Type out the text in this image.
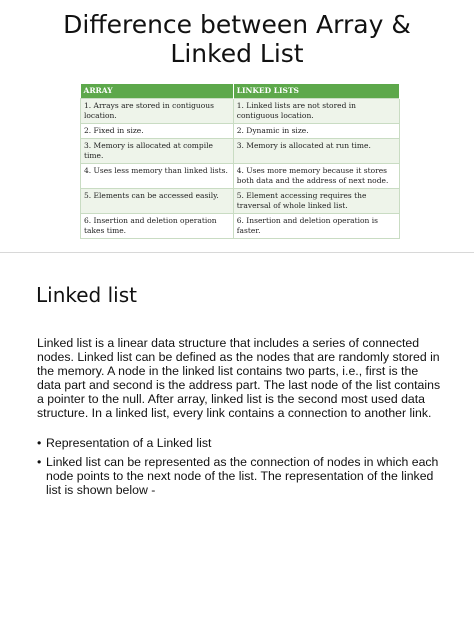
Difference between Array &
Linked List
ARRAY	LINKED LISTS
1. Arrays are stored in contiguous location.	1. Linked lists are not stored in contiguous location.
2. Fixed in size.	2. Dynamic in size.
3. Memory is allocated at compile time.	3. Memory is allocated at run time.
4. Uses less memory than linked lists.	4. Uses more memory because it stores both data and the address of next node.
5. Elements can be accessed easily.	5. Element accessing requires the traversal of whole linked list.
6. Insertion and deletion operation takes time.	6. Insertion and deletion operation is faster.
Linked list

Linked list is a linear data structure that includes a series of connected nodes. Linked list can be defined as the nodes that are randomly stored in the memory. A node in the linked list contains two parts, i.e., first is the data part and second is the address part. The last node of the list contains a pointer to the null. After array, linked list is the second most used data structure. In a linked list, every link contains a connection to another link.

• Representation of a Linked list
• Linked list can be represented as the connection of nodes in which each node points to the next node of the list. The representation of the linked list is shown below -
